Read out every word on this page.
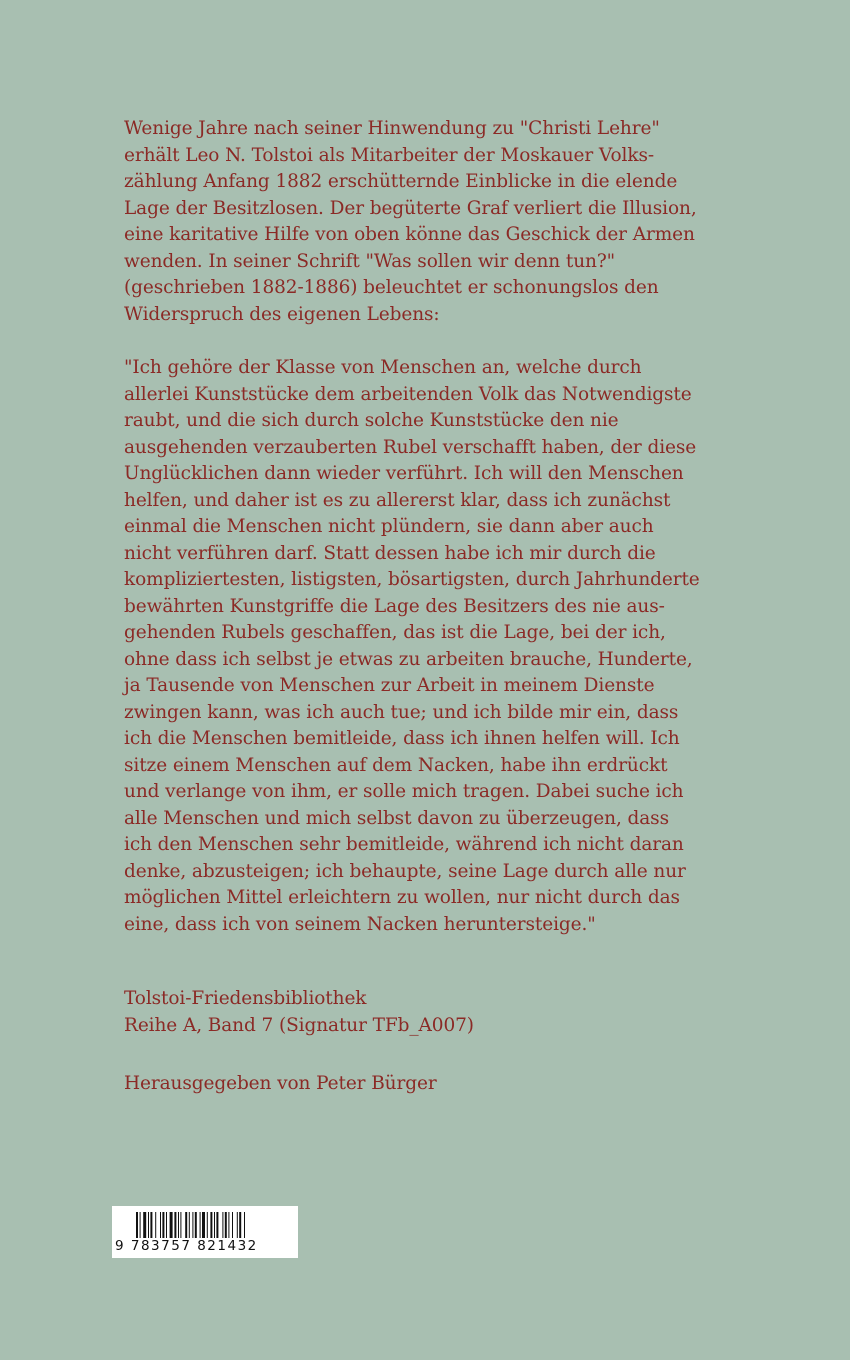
Wenige Jahre nach seiner Hinwendung zu "Christi Lehre"
erhält Leo N. Tolstoi als Mitarbeiter der Moskauer Volks-
zählung Anfang 1882 erschütternde Einblicke in die elende
Lage der Besitzlosen. Der begüterte Graf verliert die Illusion,
eine karitative Hilfe von oben könne das Geschick der Armen
wenden. In seiner Schrift "Was sollen wir denn tun?"
(geschrieben 1882-1886) beleuchtet er schonungslos den
Widerspruch des eigenen Lebens:
"Ich gehöre der Klasse von Menschen an, welche durch
allerlei Kunststücke dem arbeitenden Volk das Notwendigste
raubt, und die sich durch solche Kunststücke den nie
ausgehenden verzauberten Rubel verschafft haben, der diese
Unglücklichen dann wieder verführt. Ich will den Menschen
helfen, und daher ist es zu allererst klar, dass ich zunächst
einmal die Menschen nicht plündern, sie dann aber auch
nicht verführen darf. Statt dessen habe ich mir durch die
kompliziertesten, listigsten, bösartigsten, durch Jahrhunderte
bewährten Kunstgriffe die Lage des Besitzers des nie aus-
gehenden Rubels geschaffen, das ist die Lage, bei der ich,
ohne dass ich selbst je etwas zu arbeiten brauche, Hunderte,
ja Tausende von Menschen zur Arbeit in meinem Dienste
zwingen kann, was ich auch tue; und ich bilde mir ein, dass
ich die Menschen bemitleide, dass ich ihnen helfen will. Ich
sitze einem Menschen auf dem Nacken, habe ihn erdrückt
und verlange von ihm, er solle mich tragen. Dabei suche ich
alle Menschen und mich selbst davon zu überzeugen, dass
ich den Menschen sehr bemitleide, während ich nicht daran
denke, abzusteigen; ich behaupte, seine Lage durch alle nur
möglichen Mittel erleichtern zu wollen, nur nicht durch das
eine, dass ich von seinem Nacken heruntersteige."
Tolstoi-Friedensbibliothek
Reihe A, Band 7 (Signatur TFb_A007)
Herausgegeben von Peter Bürger
9 783757 821432
